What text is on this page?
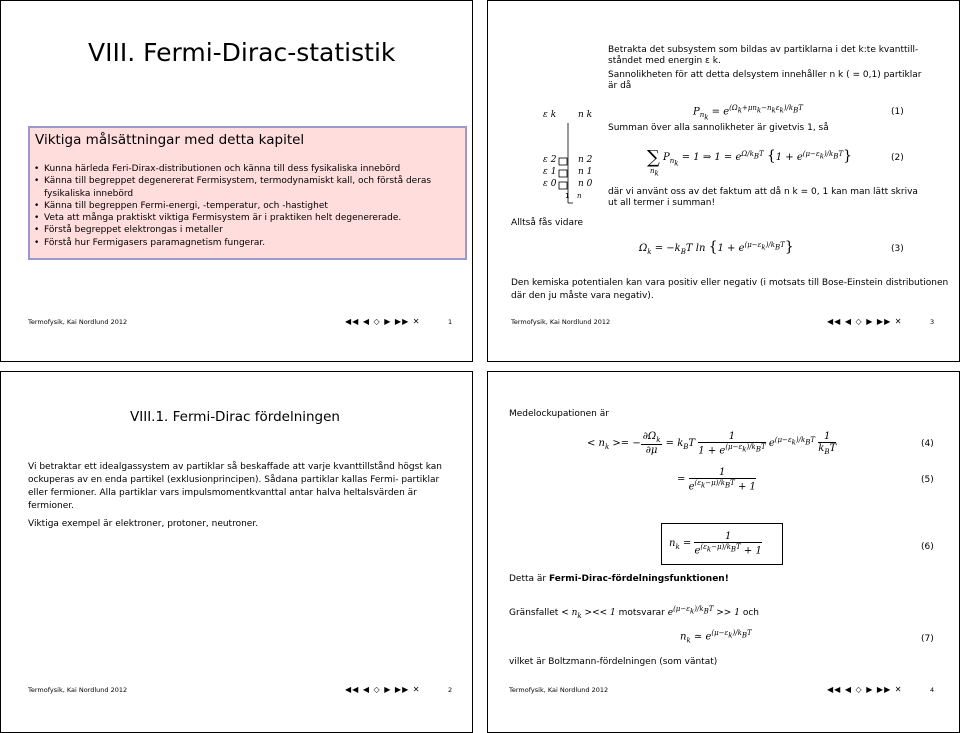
VIII. Fermi-Dirac-statistik
Viktiga målsättningar med detta kapitel
• Kunna härleda Feri-Dirax-distributionen och känna till dess fysikaliska innebörd
• Känna till begreppet degenererat Fermisystem, termodynamiskt kall, och förstå deras fysikaliska innebörd
• Känna till begreppen Fermi-energi, -temperatur, och -hastighet
• Veta att många praktiskt viktiga Fermisystem är i praktiken helt degenererade.
• Förstå begreppet elektrongas i metaller
• Förstå hur Fermigasers paramagnetism fungerar.
Termofysik, Kai Nordlund 2012	◀◀ ◀ ◇ ▶ ▶▶ ✕	1
ε k n k
ε 2
ε 1
ε 0
n 2
n 1
n 0
1 n
Alltså fås vidare
Betrakta det subsystem som bildas av partiklarna i det k:te kvanttill-
ståndet med energin ε k.
Sannolikheten för att detta delsystem innehåller n k ( = 0,1) partiklar
är då
$P_{n_k} = e^{(\Omega_k+\mu n_k-n_k\varepsilon_k)/k_BT}$	(1)
Summan över alla sannolikheter är givetvis 1, så
∑ $P_{n_k} = 1$ ⇒ $1 = e^{\Omega/k_BT}$ $\{1 + e^{(\mu-\varepsilon_k)/k_BT}\}$
$n_k$
(2)
där vi använt oss av det faktum att då n k = 0, 1 kan man lätt skriva
ut all termer i summan!
$\Omega_k = -k_BT$ $\ln \{1 + e^{(\mu-\varepsilon_k)/k_BT}\}$	(3)
Den kemiska potentialen kan vara positiv eller negativ (i motsats till Bose-Einstein distributionen
där den ju måste vara negativ).
Termofysik, Kai Nordlund 2012	◀◀ ◀ ◇ ▶ ▶▶ ✕	3
VIII.1. Fermi-Dirac fördelningen
Vi betraktar ett idealgassystem av partiklar så beskaffade att varje kvanttillstånd högst kan ockuperas av en enda partikel (exklusionprincipen). Sådana partiklar kallas Fermi- partiklar eller fermioner. Alla partiklar vars impulsmomentkvanttal antar halva heltalsvärden är fermioner.
Viktiga exempel är elektroner, protoner, neutroner.
Termofysik, Kai Nordlund 2012	◀◀ ◀ ◇ ▶ ▶▶ ✕	2
Medelockupationen är
< $n_k$ >= − $\frac{\partial\Omega_k}{\partial\mu} = k_BT \frac{1}{1 + e^{(\mu-\varepsilon_k)/k_BT}} e^{(\mu-\varepsilon_k)/k_BT} \frac{1}{k_BT}$	(4)
= $\frac{1}{e^{(\varepsilon_k-\mu)/k_BT} + 1}$	(5)
$n_k = \frac{1}{e^{(\varepsilon_k-\mu)/k_BT} + 1}$	(6)
Detta är Fermi-Dirac-fördelningsfunktionen!
Gränsfallet < $n_k$ ><< 1 motsvarar $e^{(\mu-\varepsilon_k)/k_BT} >> 1$ och
$n_k$ ≃ $e^{(\mu-\varepsilon_k)/k_BT}$
(7)
vilket är Boltzmann-fördelningen (som väntat)
Termofysik, Kai Nordlund 2012	◀◀ ◀ ◇ ▶ ▶▶ ✕	4
